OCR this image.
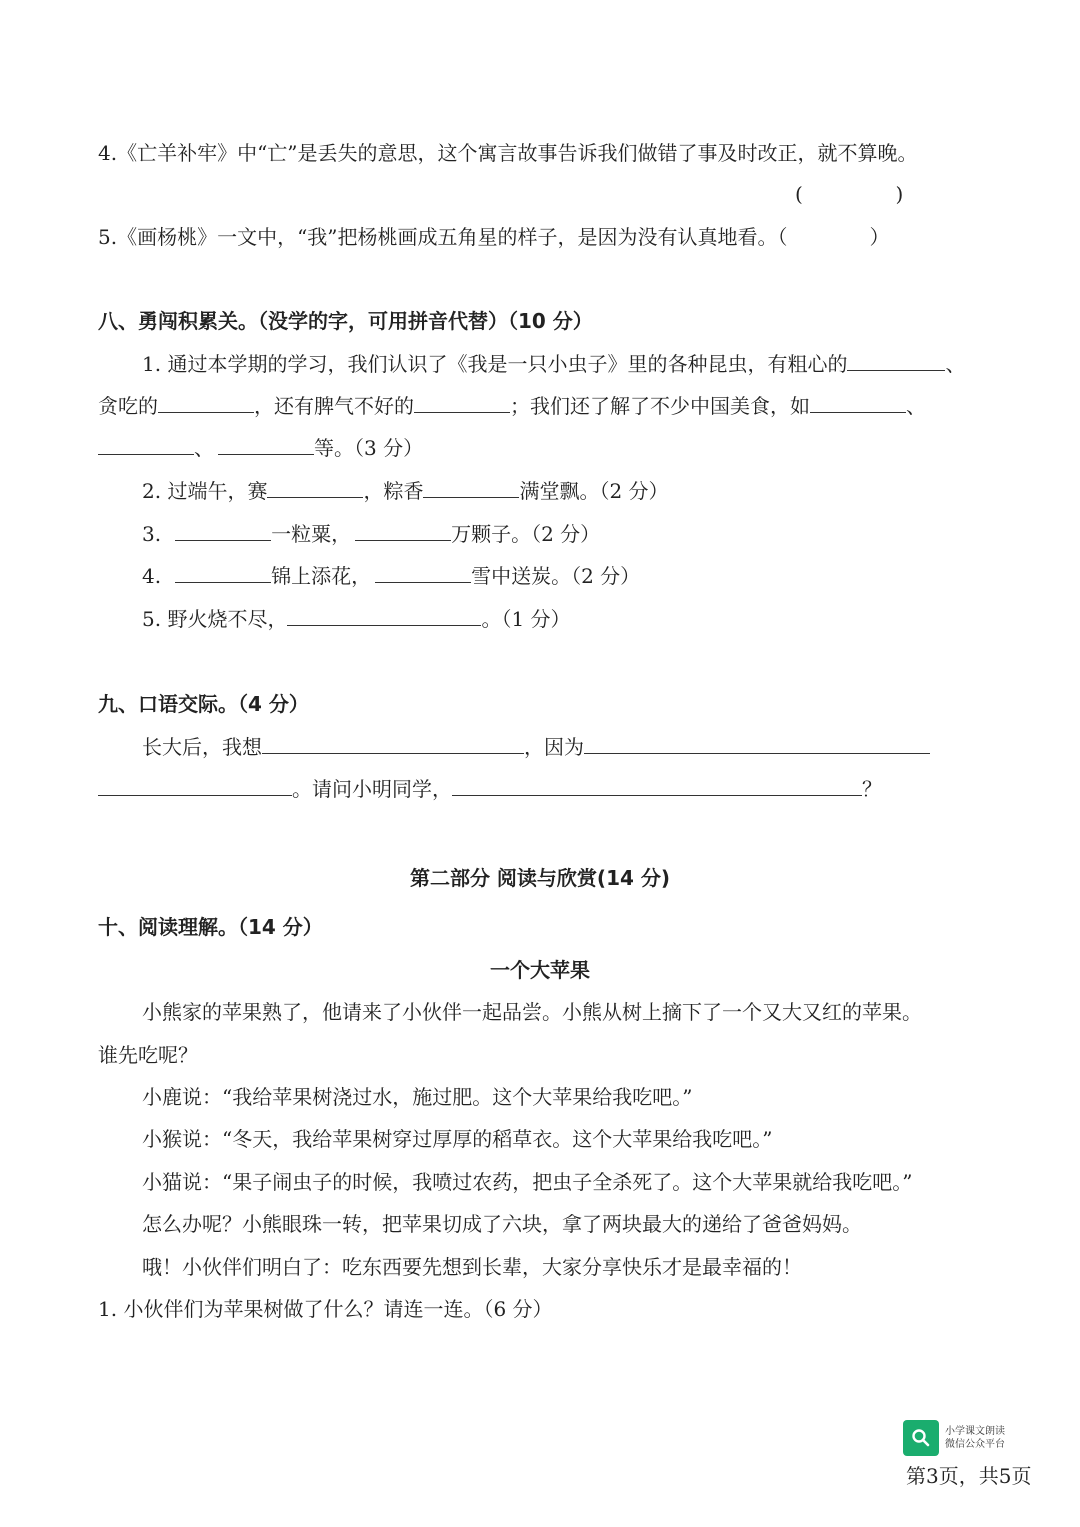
4.《亡羊补牢》中“亡”是丢失的意思，这个寓言故事告诉我们做错了事及时改正，就不算晚。
(	)
5.《画杨桃》一文中，“我”把杨桃画成五角星的样子，是因为没有认真地看。（	）
八、勇闯积累关。（没学的字，可用拼音代替）（10 分）
1. 通过本学期的学习，我们认识了《我是一只小虫子》里的各种昆虫，有粗心的	、
贪吃的	，还有脾气不好的	；我们还了解了不少中国美食，如	、
、	等。（3 分）
2. 过端午，赛	，粽香	满堂飘。（2 分）
3.	一粒粟，	万颗子。（2 分）
4.	锦上添花，	雪中送炭。（2 分）
5. 野火烧不尽，	。（1 分）
九、口语交际。（4 分）
长大后，我想	，因为
。请问小明同学，	？
第二部分 阅读与欣赏(14 分)
十、阅读理解。（14 分）
一个大苹果
小熊家的苹果熟了，他请来了小伙伴一起品尝。小熊从树上摘下了一个又大又红的苹果。
谁先吃呢？
小鹿说：“我给苹果树浇过水，施过肥。这个大苹果给我吃吧。”
小猴说：“冬天，我给苹果树穿过厚厚的稻草衣。这个大苹果给我吃吧。”
小猫说：“果子闹虫子的时候，我喷过农药，把虫子全杀死了。这个大苹果就给我吃吧。”
怎么办呢？小熊眼珠一转，把苹果切成了六块，拿了两块最大的递给了爸爸妈妈。
哦！小伙伴们明白了：吃东西要先想到长辈，大家分享快乐才是最幸福的！
1. 小伙伴们为苹果树做了什么？请连一连。（6 分）
小学课文朗读
微信公众平台
第3页，共5页
